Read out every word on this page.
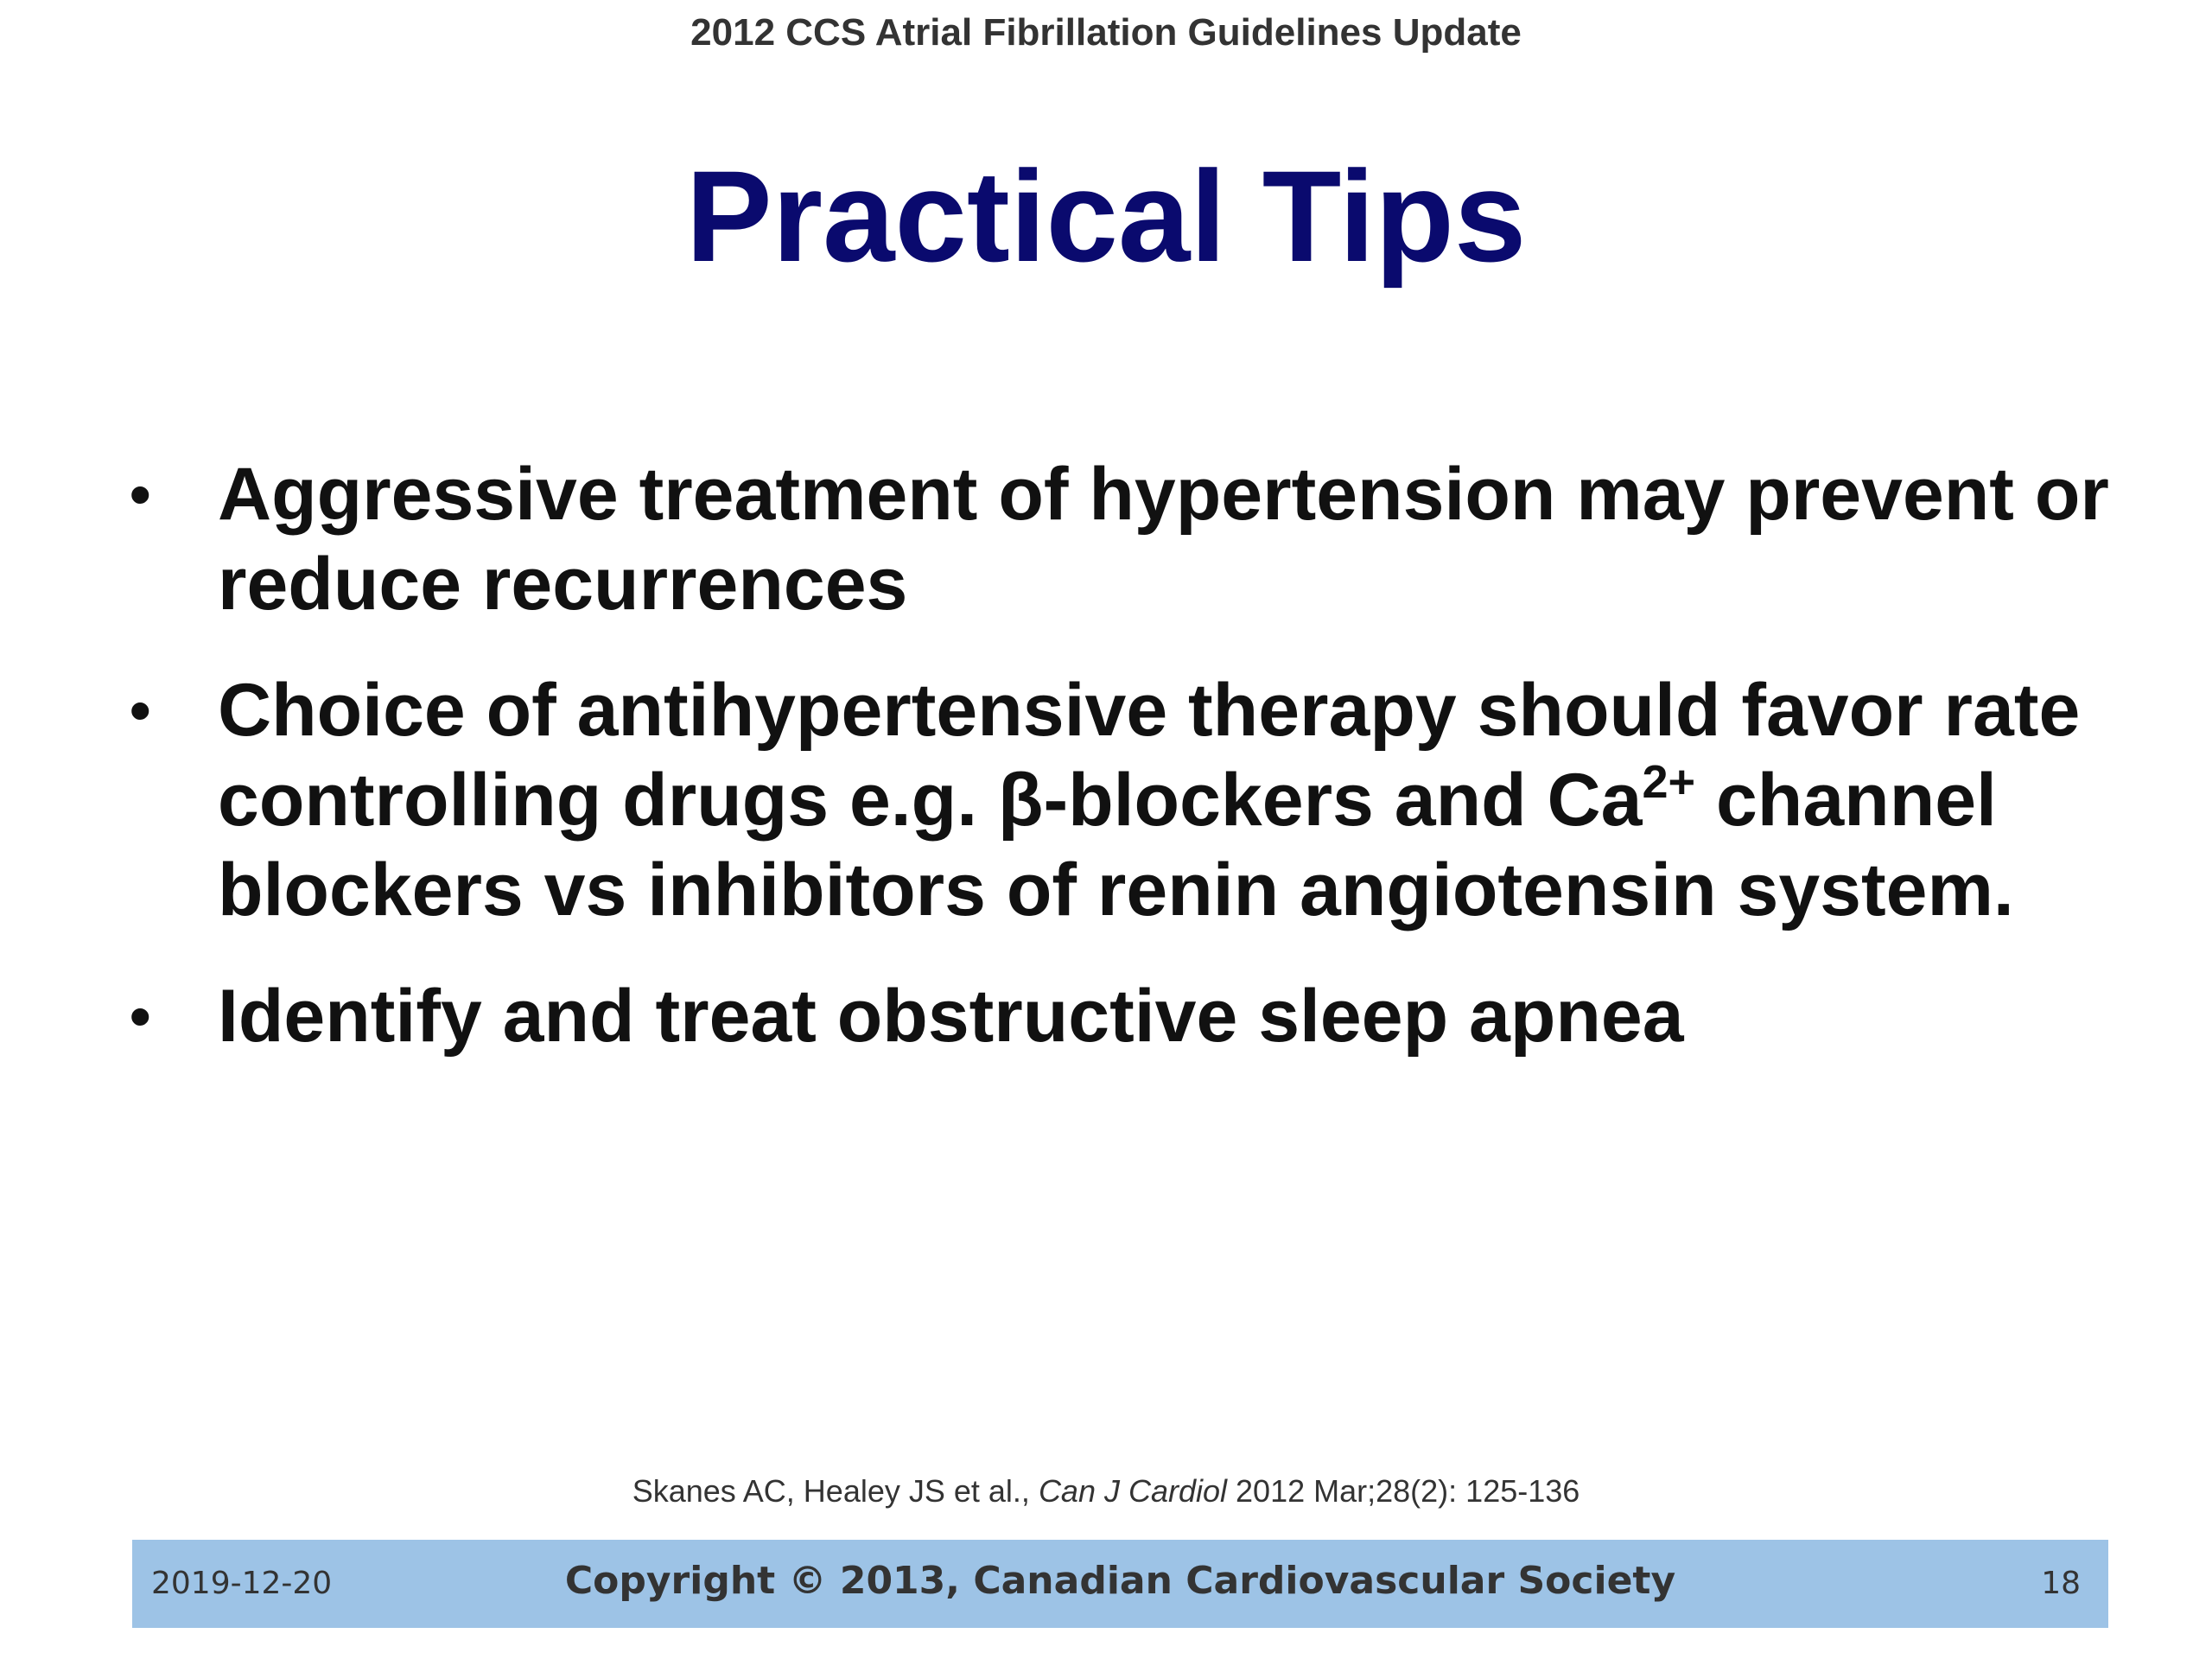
2012 CCS Atrial Fibrillation Guidelines Update
Practical Tips
• Aggressive treatment of hypertension may prevent or reduce recurrences
• Choice of antihypertensive therapy should favor rate controlling drugs e.g. β-blockers and $Ca^{2+}$ channel blockers vs inhibitors of renin angiotensin system.
• Identify and treat obstructive sleep apnea
Skanes AC, Healey JS et al., Can J Cardiol 2012 Mar;28(2): 125-136
2019-12-20	Copyright © 2013, Canadian Cardiovascular Society	18
